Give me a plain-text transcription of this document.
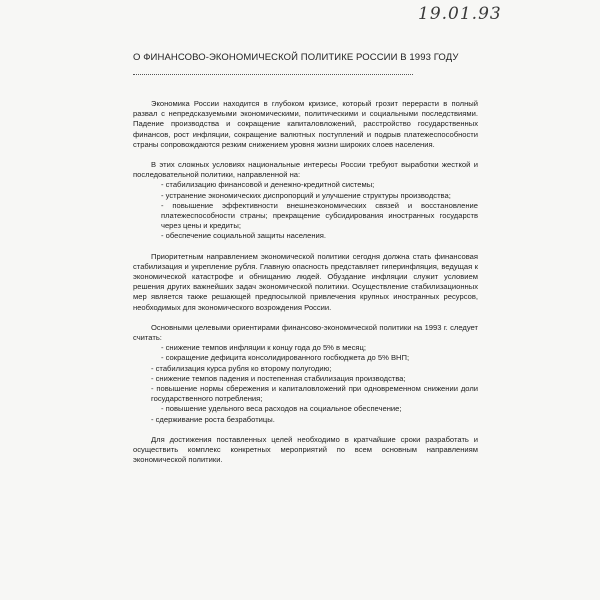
19.01.93
О ФИНАНСОВО-ЭКОНОМИЧЕСКОЙ ПОЛИТИКЕ РОССИИ В 1993 ГОДУ

Экономика России находится в глубоком кризисе, который грозит перерасти в полный развал с непредсказуемыми экономическими, политическими и социальными последствиями. Падение производства и сокращение капиталовложений, расстройство государственных финансов, рост инфляции, сокращение валютных поступлений и подрыв платежеспособности страны сопровождаются резким снижением уровня жизни широких слоев населения.

В этих сложных условиях национальные интересы России требуют выработки жесткой и последовательной политики, направленной на:

- стабилизацию финансовой и денежно-кредитной системы;

- устранение экономических диспропорций и улучшение структуры производства;

- повышение эффективности внешнеэкономических связей и восстановление платежеспособности страны; прекращение субсидирования иностранных государств через цены и кредиты;

- обеспечение социальной защиты населения.

Приоритетным направлением экономической политики сегодня должна стать финансовая стабилизация и укрепление рубля. Главную опасность представляет гиперинфляция, ведущая к экономической катастрофе и обнищанию людей. Обуздание инфляции служит условием решения других важнейших задач экономической политики. Осуществление стабилизационных мер является также решающей предпосылкой привлечения крупных иностранных ресурсов, необходимых для экономического возрождения России.

Основными целевыми ориентирами финансово-экономической политики на 1993 г. следует считать:

- снижение темпов инфляции к концу года до 5% в месяц;

- сокращение дефицита консолидированного госбюджета до 5% ВНП;

- стабилизация курса рубля ко второму полугодию;

- снижение темпов падения и постепенная стабилизация производства;

- повышение нормы сбережения и капиталовложений при одновременном снижении доли государственного потребления;

- повышение удельного веса расходов на социальное обеспечение;

- сдерживание роста безработицы.

Для достижения поставленных целей необходимо в кратчайшие сроки разработать и осуществить комплекс конкретных мероприятий по всем основным направлениям экономической политики.
